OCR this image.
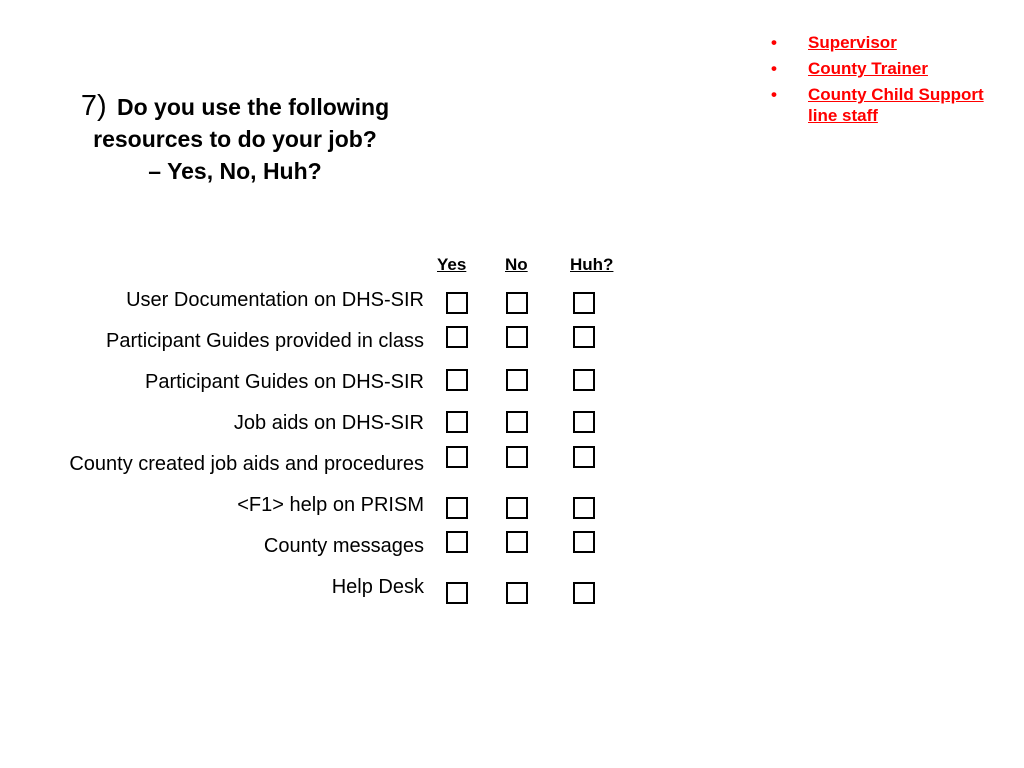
7) Do you use the following
resources to do your job?
– Yes, No, Huh?
• Supervisor
• County Trainer
• County Child Support line staff
Yes No Huh?
User Documentation on DHS-SIR
Participant Guides provided in class
Participant Guides on DHS-SIR
Job aids on DHS-SIR
County created job aids and procedures
<F1> help on PRISM
County messages
Help Desk
